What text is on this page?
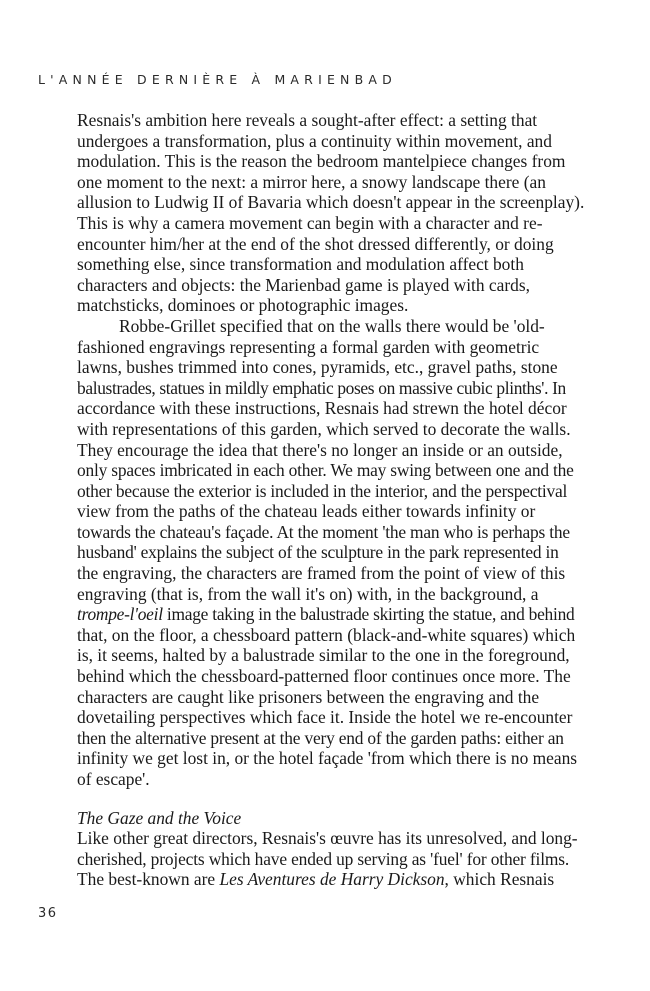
L'ANNÉE DERNIÈRE À MARIENBAD
Resnais's ambition here reveals a sought-after effect: a setting that
undergoes a transformation, plus a continuity within movement, and
modulation. This is the reason the bedroom mantelpiece changes from
one moment to the next: a mirror here, a snowy landscape there (an
allusion to Ludwig II of Bavaria which doesn't appear in the screenplay).
This is why a camera movement can begin with a character and re-
encounter him/her at the end of the shot dressed differently, or doing
something else, since transformation and modulation affect both
characters and objects: the Marienbad game is played with cards,
matchsticks, dominoes or photographic images.
Robbe-Grillet specified that on the walls there would be 'old-
fashioned engravings representing a formal garden with geometric
lawns, bushes trimmed into cones, pyramids, etc., gravel paths, stone
balustrades, statues in mildly emphatic poses on massive cubic plinths'. In
accordance with these instructions, Resnais had strewn the hotel décor
with representations of this garden, which served to decorate the walls.
They encourage the idea that there's no longer an inside or an outside,
only spaces imbricated in each other. We may swing between one and the
other because the exterior is included in the interior, and the perspectival
view from the paths of the chateau leads either towards infinity or
towards the chateau's façade. At the moment 'the man who is perhaps the
husband' explains the subject of the sculpture in the park represented in
the engraving, the characters are framed from the point of view of this
engraving (that is, from the wall it's on) with, in the background, a
trompe-l'oeil image taking in the balustrade skirting the statue, and behind
that, on the floor, a chessboard pattern (black-and-white squares) which
is, it seems, halted by a balustrade similar to the one in the foreground,
behind which the chessboard-patterned floor continues once more. The
characters are caught like prisoners between the engraving and the
dovetailing perspectives which face it. Inside the hotel we re-encounter
then the alternative present at the very end of the garden paths: either an
infinity we get lost in, or the hotel façade 'from which there is no means
of escape'.
The Gaze and the Voice
Like other great directors, Resnais's œuvre has its unresolved, and long-
cherished, projects which have ended up serving as 'fuel' for other films.
The best-known are Les Aventures de Harry Dickson, which Resnais
36
